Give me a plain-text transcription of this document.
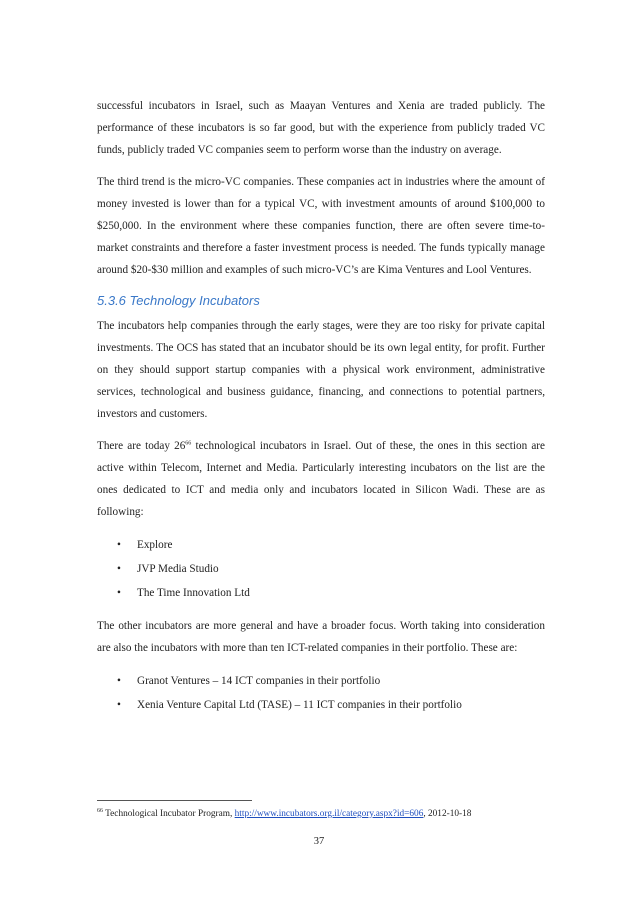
successful incubators in Israel, such as Maayan Ventures and Xenia are traded publicly. The performance of these incubators is so far good, but with the experience from publicly traded VC funds, publicly traded VC companies seem to perform worse than the industry on average.

The third trend is the micro-VC companies. These companies act in industries where the amount of money invested is lower than for a typical VC, with investment amounts of around $100,000 to $250,000. In the environment where these companies function, there are often severe time-to-market constraints and therefore a faster investment process is needed. The funds typically manage around $20-$30 million and examples of such micro-VC’s are Kima Ventures and Lool Ventures.

5.3.6 Technology Incubators

The incubators help companies through the early stages, were they are too risky for private capital investments. The OCS has stated that an incubator should be its own legal entity, for profit. Further on they should support startup companies with a physical work environment, administrative services, technological and business guidance, financing, and connections to potential partners, investors and customers.

There are today $26^{66}$ technological incubators in Israel. Out of these, the ones in this section are active within Telecom, Internet and Media. Particularly interesting incubators on the list are the ones dedicated to ICT and media only and incubators located in Silicon Wadi. These are as following:

• Explore
• JVP Media Studio
• The Time Innovation Ltd

The other incubators are more general and have a broader focus. Worth taking into consideration are also the incubators with more than ten ICT-related companies in their portfolio. These are:

• Granot Ventures – 14 ICT companies in their portfolio
• Xenia Venture Capital Ltd (TASE) – 11 ICT companies in their portfolio
$^{66}$ Technological Incubator Program, http://www.incubators.org.il/category.aspx?id=606, 2012-10-18
37
